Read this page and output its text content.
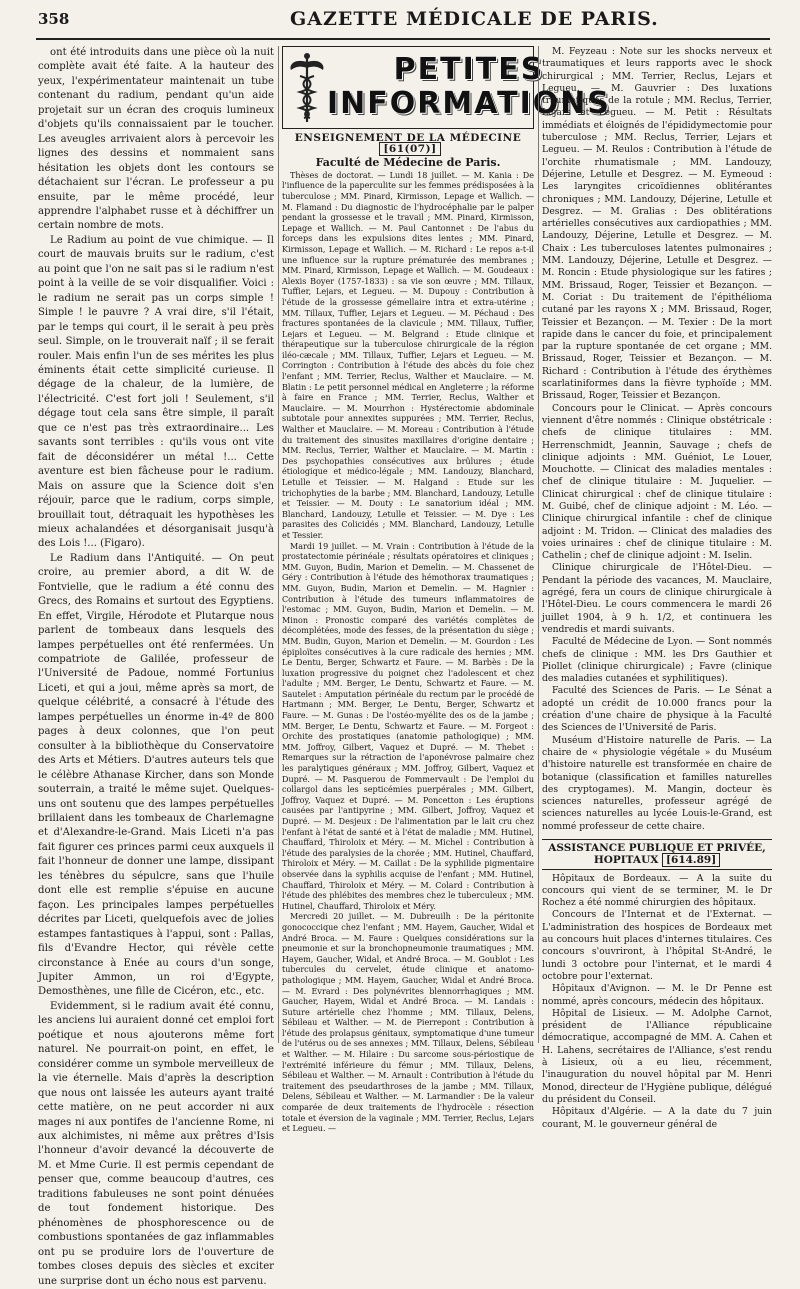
358	GAZETTE MÉDICALE DE PARIS.

ont été introduits dans une pièce où la nuit complète avait été faite. A la hauteur des yeux, l'expérimentateur maintenait un tube contenant du radium, pendant qu'un aide projetait sur un écran des croquis lumineux d'objets qu'ils connaissaient par le toucher. Les aveugles arrivaient alors à percevoir les lignes des dessins et nommaient sans hésitation les objets dont les contours se détachaient sur l'écran. Le professeur a pu ensuite, par le même procédé, leur apprendre l'alphabet russe et à déchiffrer un certain nombre de mots.

Le Radium au point de vue chimique. — Il court de mauvais bruits sur le radium, c'est au point que l'on ne sait pas si le radium n'est point à la veille de se voir disqualifier. Voici : le radium ne serait pas un corps simple ! Simple ! le pauvre ? A vrai dire, s'il l'était, par le temps qui court, il le serait à peu près seul. Simple, on le trouverait naïf ; il se ferait rouler. Mais enfin l'un de ses mérites les plus éminents était cette simplicité curieuse. Il dégage de la chaleur, de la lumière, de l'électricité. C'est fort joli ! Seulement, s'il dégage tout cela sans être simple, il paraît que ce n'est pas très extraordinaire... Les savants sont terribles : qu'ils vous ont vite fait de déconsidérer un métal !... Cette aventure est bien fâcheuse pour le radium. Mais on assure que la Science doit s'en réjouir, parce que le radium, corps simple, brouillait tout, détraquait les hypothèses les mieux achalandées et désorganisait jusqu'à des Lois !... (Figaro).

Le Radium dans l'Antiquité. — On peut croire, au premier abord, a dit W. de Fontvielle, que le radium a été connu des Grecs, des Romains et surtout des Egyptiens. En effet, Virgile, Hérodote et Plutarque nous parlent de tombeaux dans lesquels des lampes perpétuelles ont été renfermées. Un compatriote de Galilée, professeur de l'Université de Padoue, nommé Fortunius Liceti, et qui a joui, même après sa mort, de quelque célébrité, a consacré à l'étude des lampes perpétuelles un énorme in-4º de 800 pages à deux colonnes, que l'on peut consulter à la bibliothèque du Conservatoire des Arts et Métiers. D'autres auteurs tels que le célèbre Athanase Kircher, dans son Monde souterrain, a traité le même sujet. Quelques-uns ont soutenu que des lampes perpétuelles brillaient dans les tombeaux de Charlemagne et d'Alexandre-le-Grand. Mais Liceti n'a pas fait figurer ces princes parmi ceux auxquels il fait l'honneur de donner une lampe, dissipant les ténèbres du sépulcre, sans que l'huile dont elle est remplie s'épuise en aucune façon. Les principales lampes perpétuelles décrites par Liceti, quelquefois avec de jolies estampes fantastiques à l'appui, sont : Pallas, fils d'Evandre Hector, qui révèle cette circonstance à Enée au cours d'un songe, Jupiter Ammon, un roi d'Egypte, Demosthènes, une fille de Cicéron, etc., etc.

Evidemment, si le radium avait été connu, les anciens lui auraient donné cet emploi fort poétique et nous ajouterons même fort naturel. Ne pourrait-on point, en effet, le considérer comme un symbole merveilleux de la vie éternelle. Mais d'après la description que nous ont laissée les auteurs ayant traité cette matière, on ne peut accorder ni aux mages ni aux pontifes de l'ancienne Rome, ni aux alchimistes, ni même aux prêtres d'Isis l'honneur d'avoir devancé la découverte de M. et Mme Curie. Il est permis cependant de penser que, comme beaucoup d'autres, ces traditions fabuleuses ne sont point dénuées de tout fondement historique. Des phénomènes de phosphorescence ou de combustions spontanées de gaz inflammables ont pu se produire lors de l'ouverture de tombes closes depuis des siècles et exciter une surprise dont un écho nous est parvenu.

PETITES
INFORMATIONS
ENSEIGNEMENT DE LA MÉDECINE [61(07)]
Faculté de Médecine de Paris.

Thèses de doctorat. — Lundi 18 juillet. — M. Kania : De l'influence de la paperculite sur les femmes prédisposées à la tuberculose ; MM. Pinard, Kirmisson, Lepage et Wallich. — M. Flamand : Du diagnostic de l'hydrocéphalie par le palper pendant la grossesse et le travail ; MM. Pinard, Kirmisson, Lepage et Wallich. — M. Paul Cantonnet : De l'abus du forceps dans les expulsions dites lentes ; MM. Pinard, Kirmisson, Lepage et Wallich. — M. Richard : Le repos a-t-il une influence sur la rupture prématurée des membranes ; MM. Pinard, Kirmisson, Lepage et Wallich. — M. Goudeaux : Alexis Boyer (1757-1833) : sa vie son œuvre ; MM. Tillaux, Tuffier, Lejars, et Legueu. — M. Dupouy : Contribution à l'étude de la grossesse gémellaire intra et extra-utérine ; MM. Tillaux, Tuffier, Lejars et Legueu. — M. Péchaud : Des fractures spontanées de la clavicule ; MM. Tillaux, Tuffier, Lejars et Legueu. — M. Belgrand : Etude clinique et thérapeutique sur la tuberculose chirurgicale de la région iléo-cæcale ; MM. Tillaux, Tuffier, Lejars et Legueu. — M. Corrington : Contribution à l'étude des abcès du foie chez l'enfant ; MM. Terrier, Reclus, Walther et Mauclaire. — M. Blatin : Le petit personnel médical en Angleterre ; la réforme à faire en France ; MM. Terrier, Reclus, Walther et Mauclaire. — M. Mourrhon : Hystérectomie abdominale subtotale pour annexites suppurées ; MM. Terrier, Reclus, Walther et Mauclaire. — M. Moreau : Contribution à l'étude du traitement des sinusites maxillaires d'origine dentaire ; MM. Reclus, Terrier, Walther et Mauclaire. — M. Martin : Des psychopathies consécutives aux brûlures ; étude étiologique et médico-légale ; MM. Landouzy, Blanchard, Letulle et Teissier. — M. Halgand : Etude sur les trichophyties de la barbe ; MM. Blanchard, Landouzy, Letulle et Teissier. — M. Douty : Le sanatorium idéal ; MM. Blanchard, Landouzy, Letulle et Teissier. — M. Dye : Les parasites des Colicidés ; MM. Blanchard, Landouzy, Letulle et Tessier.

Mardi 19 juillet. — M. Vrain : Contribution à l'étude de la prostatectomie périnéale ; résultats opératoires et cliniques ; MM. Guyon, Budin, Marion et Demelin. — M. Chassenet de Géry : Contribution à l'étude des hémothorax traumatiques ; MM. Guyon, Budin, Marion et Demelin. — M. Hagnier : Contribution à l'étude des tumeurs inflammatoires de l'estomac ; MM. Guyon, Budin, Marion et Demelin. — M. Minon : Pronostic comparé des variétés complètes de décomplétées, mode des fesses, de la présentation du siège ; MM. Budin, Guyon, Marion et Demelin. — M. Gourdon : Les épiploïtes consécutives à la cure radicale des hernies ; MM. Le Dentu, Berger, Schwartz et Faure. — M. Barbès : De la luxation progressive du poignet chez l'adolescent et chez l'adulte ; MM. Berger, Le Dentu, Schwartz et Faure. — M. Sautelet : Amputation périnéale du rectum par le procédé de Hartmann ; MM. Berger, Le Dentu, Berger, Schwartz et Faure. — M. Gunas : De l'ostéo-myélite des os de la jambe ; MM. Berger, Le Dentu, Schwartz et Faure. — M. Forgeot : Orchite des prostatiques (anatomie pathologique) ; MM. MM. Joffroy, Gilbert, Vaquez et Dupré. — M. Thebet : Remarques sur la rétraction de l'aponévrose palmaire chez les paralytiques généraux ; MM. Joffroy, Gilbert, Vaquez et Dupré. — M. Pasquerou de Fommervault : De l'emploi du collargol dans les septicémies puerpérales ; MM. Gilbert, Joffroy, Vaquez et Dupré. — M. Poncetton : Les éruptions causées par l'antipyrine ; MM. Gilbert, Joffroy, Vaquez et Dupré. — M. Desjeux : De l'alimentation par le lait cru chez l'enfant à l'état de santé et à l'état de maladie ; MM. Hutinel, Chauffard, Thiroloix et Méry. — M. Michel : Contribution à l'étude des paralysies de la chorée ; MM. Hutinel, Chauffard, Thiroloix et Méry. — M. Caillat : De la syphilide pigmentaire observée dans la syphilis acquise de l'enfant ; MM. Hutinel, Chauffard, Thiroloix et Méry. — M. Colard : Contribution à l'étude des phlébites des membres chez le tuberculeux ; MM. Hutinel, Chauffard, Thiroloix et Méry.

Mercredi 20 juillet. — M. Dubreuilh : De la péritonite gonococcique chez l'enfant ; MM. Hayem, Gaucher, Widal et André Broca. — M. Faure : Quelques considérations sur la pneumonie et sur la bronchopneumonie traumatiques ; MM. Hayem, Gaucher, Widal, et André Broca. — M. Goublot : Les tubercules du cervelet, étude clinique et anatomo-pathologique ; MM. Hayem, Gaucher, Widal et André Broca. — M. Evrard : Des polynévrites blennorrhagiques ; MM. Gaucher, Hayem, Widal et André Broca. — M. Landais : Suture artérielle chez l'homme ; MM. Tillaux, Delens, Sébileau et Walther. — M. de Pierrepont : Contribution à l'étude des prolapsus génitaux, symptomatique d'une tumeur de l'utérus ou de ses annexes ; MM. Tillaux, Delens, Sébileau et Walther. — M. Hilaire : Du sarcome sous-périostique de l'extrémité inférieure du fémur ; MM. Tillaux, Delens, Sébileau et Walther. — M. Arnault : Contribution à l'étude du traitement des pseudarthroses de la jambe ; MM. Tillaux, Delens, Sébileau et Walther. — M. Larmandier : De la valeur comparée de deux traitements de l'hydrocèle : résection totale et éversion de la vaginale ; MM. Terrier, Reclus, Lejars et Legueu. —

M. Feyzeau : Note sur les shocks nerveux et traumatiques et leurs rapports avec le shock chirurgical ; MM. Terrier, Reclus, Lejars et Legueu. — M. Gauvrier : Des luxations traumatiques de la rotule ; MM. Reclus, Terrier, Lejars et Legueu. — M. Petit : Résultats immédiats et éloignés de l'épididymectomie pour tuberculose ; MM. Reclus, Terrier, Lejars et Legueu. — M. Reulos : Contribution à l'étude de l'orchite rhumatismale ; MM. Landouzy, Déjerine, Letulle et Desgrez. — M. Eymeoud : Les laryngites cricoïdiennes oblitérantes chroniques ; MM. Landouzy, Déjerine, Letulle et Desgrez. — M. Gralias : Des oblitérations artérielles consécutives aux cardiopathies ; MM. Landouzy, Déjerine, Letulle et Desgrez. — M. Chaix : Les tuberculoses latentes pulmonaires ; MM. Landouzy, Déjerine, Letulle et Desgrez. — M. Roncin : Etude physiologique sur les fatires ; MM. Brissaud, Roger, Teissier et Bezançon. — M. Coriat : Du traitement de l'épithélioma cutané par les rayons X ; MM. Brissaud, Roger, Teissier et Bezançon. — M. Texier : De la mort rapide dans le cancer du foie, et principalement par la rupture spontanée de cet organe ; MM. Brissaud, Roger, Teissier et Bezançon. — M. Richard : Contribution à l'étude des érythèmes scarlatiniformes dans la fièvre typhoïde ; MM. Brissaud, Roger, Teissier et Bezançon.

Concours pour le Clinicat. — Après concours viennent d'être nommés : Clinique obstétricale : chefs de clinique titulaires : MM. Herrenschmidt, Jeannin, Sauvage ; chefs de clinique adjoints : MM. Guéniot, Le Louer, Mouchotte. — Clinicat des maladies mentales : chef de clinique titulaire : M. Juquelier. — Clinicat chirurgical : chef de clinique titulaire : M. Guibé, chef de clinique adjoint : M. Léo. — Clinique chirurgical infantile : chef de clinique adjoint : M. Tridon. — Clinicat des maladies des voies urinaires : chef de clinique titulaire : M. Cathelin ; chef de clinique adjoint : M. Iselin.

Clinique chirurgicale de l'Hôtel-Dieu. — Pendant la période des vacances, M. Mauclaire, agrégé, fera un cours de clinique chirurgicale à l'Hôtel-Dieu. Le cours commencera le mardi 26 juillet 1904, à 9 h. 1/2, et continuera les vendredis et mardi suivants.

Faculté de Médecine de Lyon. — Sont nommés chefs de clinique : MM. les Drs Gauthier et Piollet (clinique chirurgicale) ; Favre (clinique des maladies cutanées et syphilitiques).

Faculté des Sciences de Paris. — Le Sénat a adopté un crédit de 10.000 francs pour la création d'une chaire de physique à la Faculté des Sciences de l'Université de Paris.

Muséum d'Histoire naturelle de Paris. — La chaire de « physiologie végétale » du Muséum d'histoire naturelle est transformée en chaire de botanique (classification et familles naturelles des cryptogames). M. Mangin, docteur ès sciences naturelles, professeur agrégé de sciences naturelles au lycée Louis-le-Grand, est nommé professeur de cette chaire.

ASSISTANCE PUBLIQUE ET PRIVÉE,
HOPITAUX [614.89]

Hôpitaux de Bordeaux. — A la suite du concours qui vient de se terminer, M. le Dr Rochez a été nommé chirurgien des hôpitaux.

Concours de l'Internat et de l'Externat. — L'administration des hospices de Bordeaux met au concours huit places d'internes titulaires. Ces concours s'ouvriront, à l'hôpital St-André, le lundi 3 octobre pour l'internat, et le mardi 4 octobre pour l'externat.

Hôpitaux d'Avignon. — M. le Dr Penne est nommé, après concours, médecin des hôpitaux.

Hôpital de Lisieux. — M. Adolphe Carnot, président de l'Alliance républicaine démocratique, accompagné de MM. A. Cahen et H. Lahens, secrétaires de l'Alliance, s'est rendu à Lisieux, où a eu lieu, récemment, l'inauguration du nouvel hôpital par M. Henri Monod, directeur de l'Hygiène publique, délégué du président du Conseil.

Hôpitaux d'Algérie. — A la date du 7 juin courant, M. le gouverneur général de
